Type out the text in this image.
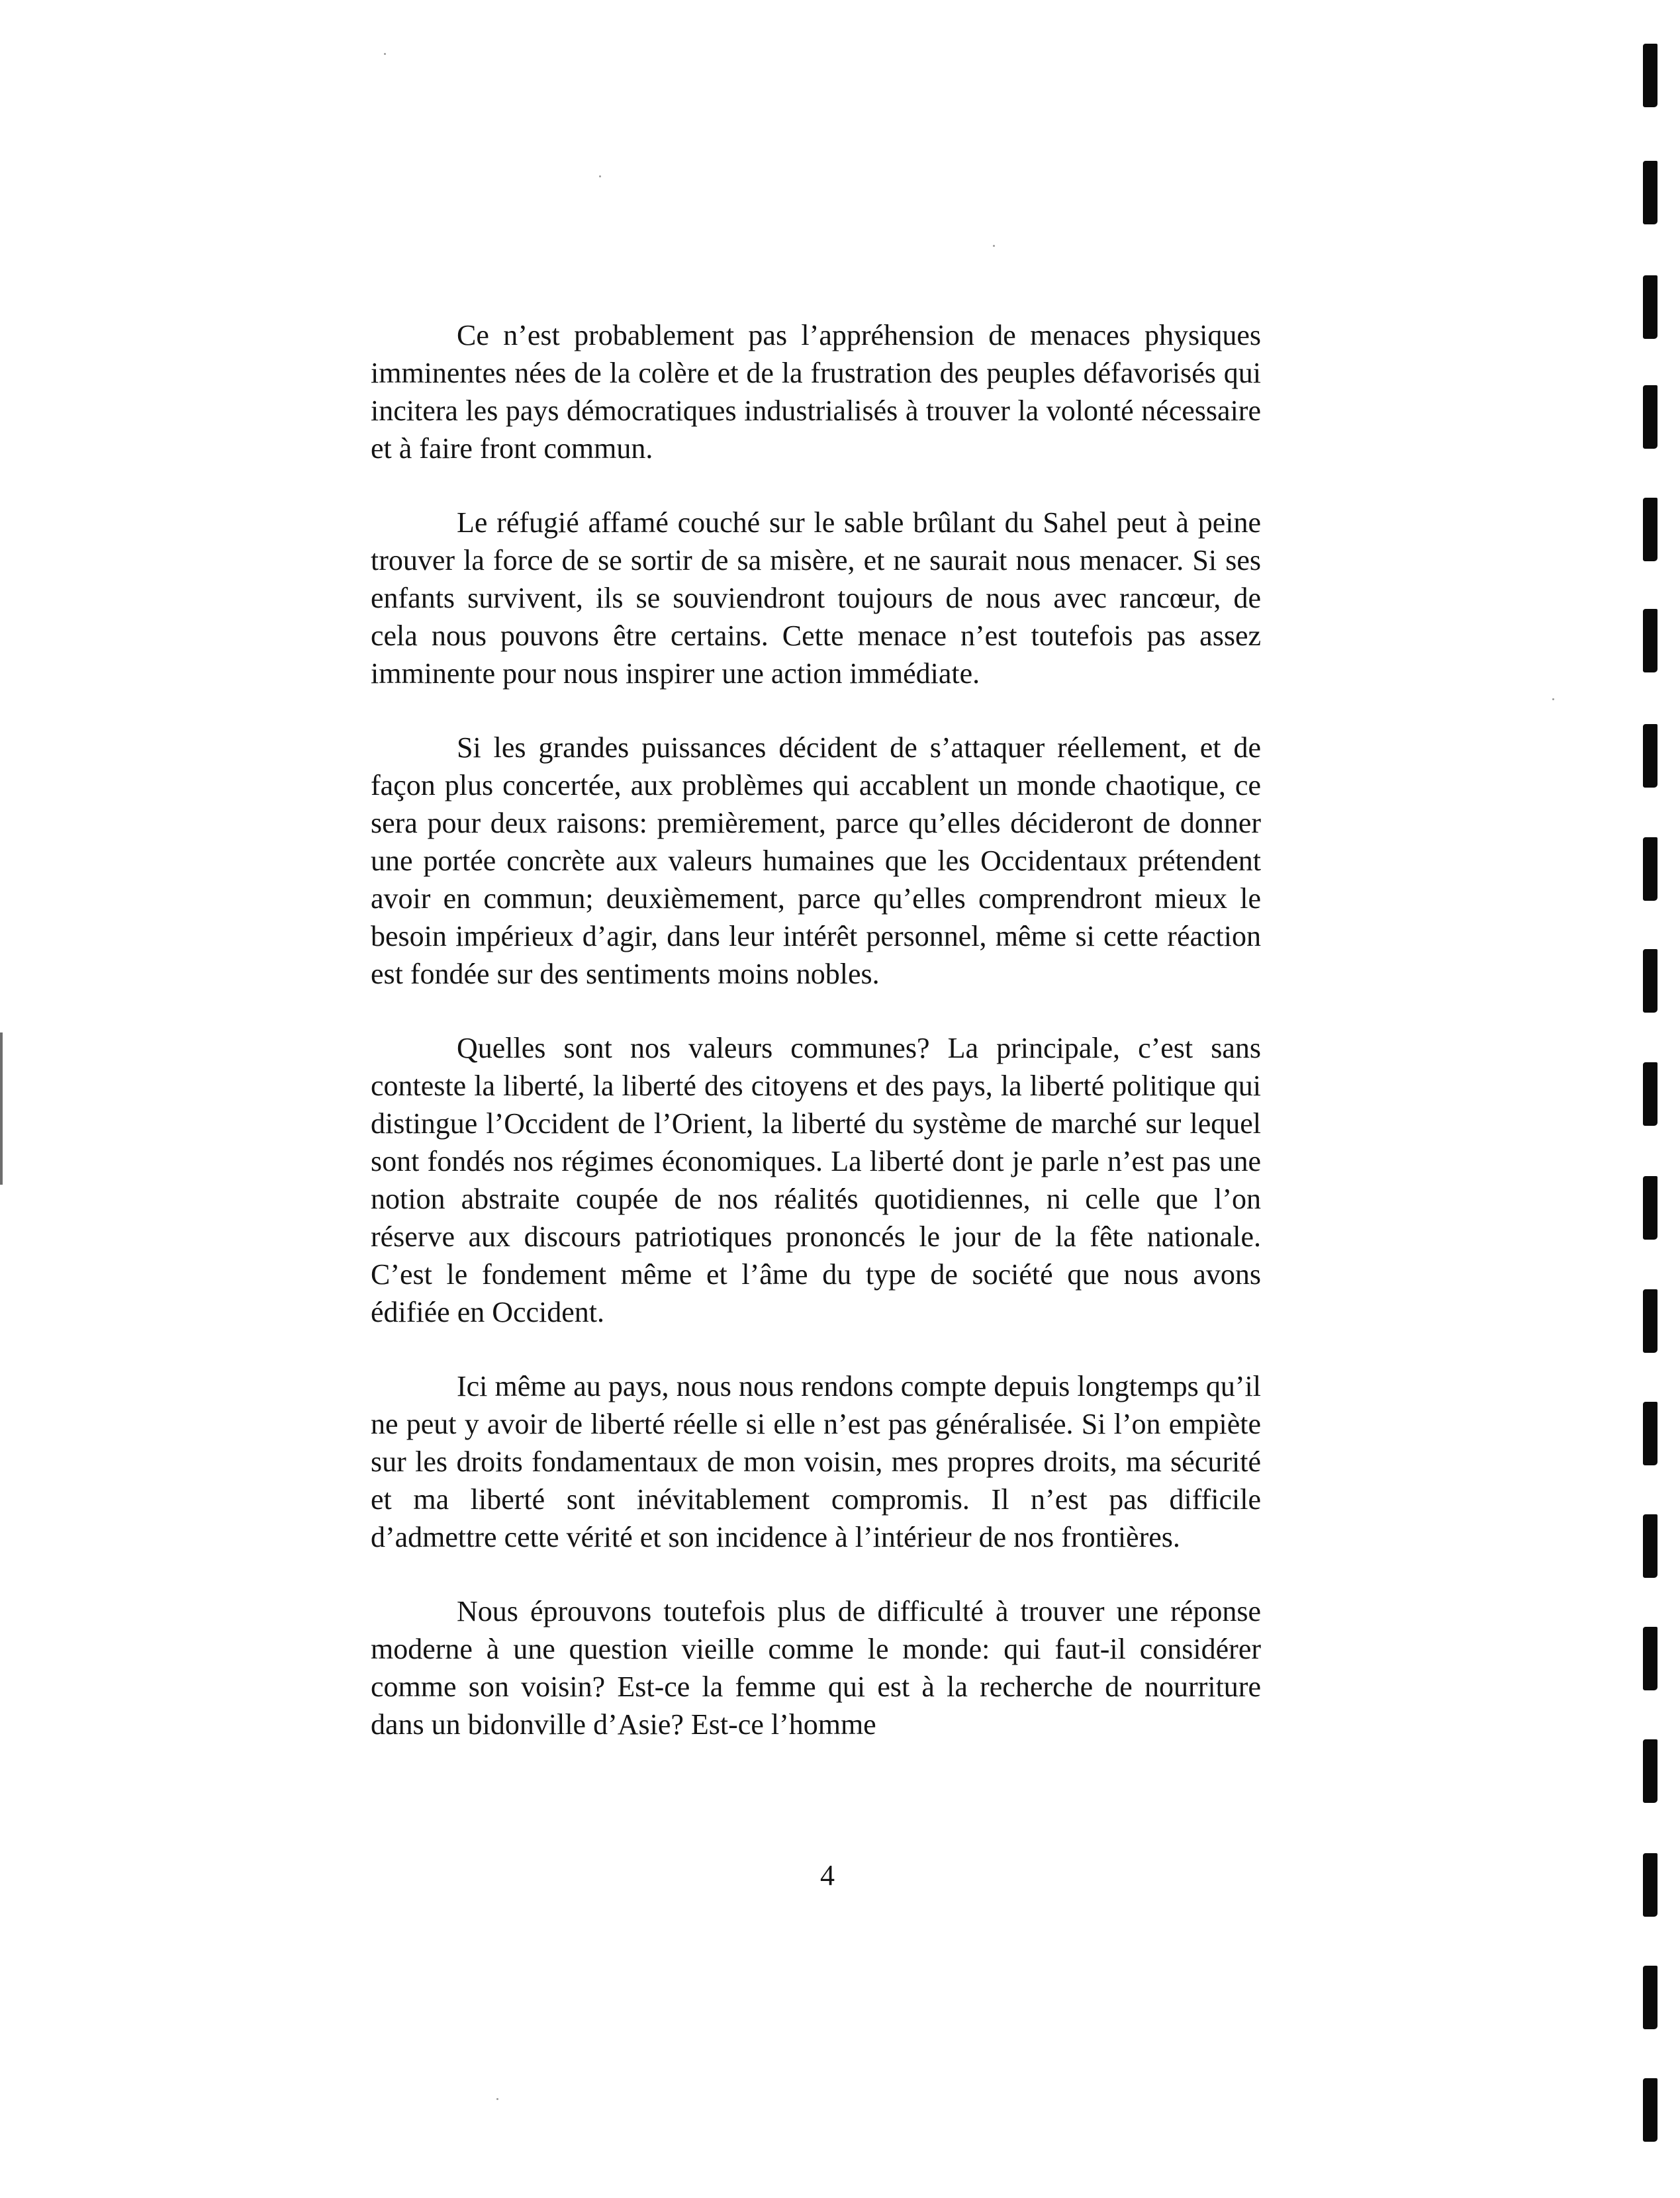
Ce n’est probablement pas l’appréhension de menaces physiques imminentes nées de la colère et de la frustration des peuples défavorisés qui incitera les pays démocratiques industrialisés à trouver la volonté nécessaire et à faire front commun.

Le réfugié affamé couché sur le sable brûlant du Sahel peut à peine trouver la force de se sortir de sa misère, et ne saurait nous menacer. Si ses enfants survivent, ils se souviendront toujours de nous avec rancœur, de cela nous pouvons être certains. Cette menace n’est toutefois pas assez imminente pour nous inspirer une action immédiate.

Si les grandes puissances décident de s’attaquer réellement, et de façon plus concertée, aux problèmes qui accablent un monde chaotique, ce sera pour deux raisons: premièrement, parce qu’elles décideront de donner une portée concrète aux valeurs humaines que les Occidentaux prétendent avoir en commun; deuxièmement, parce qu’elles comprendront mieux le besoin impérieux d’agir, dans leur intérêt personnel, même si cette réaction est fondée sur des sentiments moins nobles.

Quelles sont nos valeurs communes? La principale, c’est sans conteste la liberté, la liberté des citoyens et des pays, la liberté politique qui distingue l’Occident de l’Orient, la liberté du système de marché sur lequel sont fondés nos régimes économiques. La liberté dont je parle n’est pas une notion abstraite coupée de nos réalités quotidiennes, ni celle que l’on réserve aux discours patriotiques prononcés le jour de la fête nationale. C’est le fondement même et l’âme du type de société que nous avons édifiée en Occident.

Ici même au pays, nous nous rendons compte depuis longtemps qu’il ne peut y avoir de liberté réelle si elle n’est pas généralisée. Si l’on empiète sur les droits fondamentaux de mon voisin, mes propres droits, ma sécurité et ma liberté sont inévitablement compromis. Il n’est pas difficile d’admettre cette vérité et son incidence à l’intérieur de nos frontières.

Nous éprouvons toutefois plus de difficulté à trouver une réponse moderne à une question vieille comme le monde: qui faut-il considérer comme son voisin? Est-ce la femme qui est à la recherche de nourriture dans un bidonville d’Asie? Est-ce l’homme

4
